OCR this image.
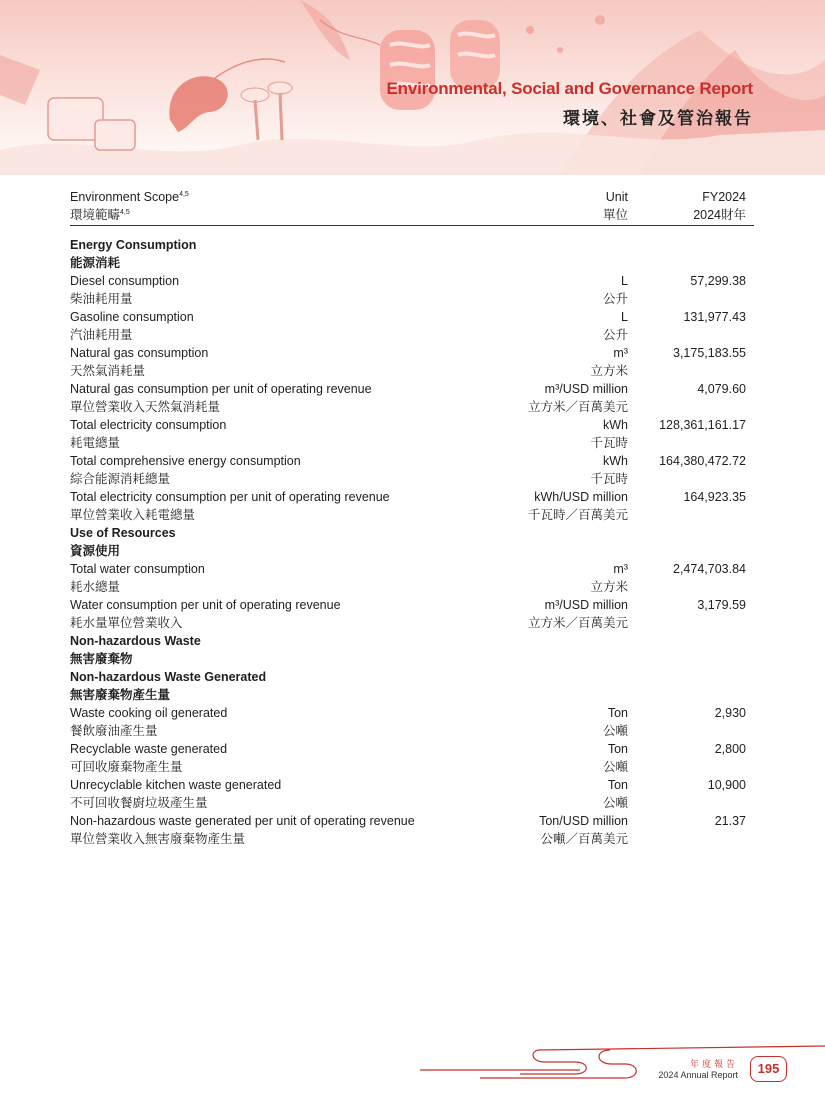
Environmental, Social and Governance Report
環境、社會及管治報告
Environment Scope$^{4,5}$
環境範疇$^{4,5}$
Unit
單位
FY2024
2024財年
Energy Consumption
能源消耗
Diesel consumption
柴油耗用量
L
公升
57,299.38
Gasoline consumption
汽油耗用量
L
公升
131,977.43
Natural gas consumption
天然氣消耗量
m³
立方米
3,175,183.55
Natural gas consumption per unit of operating revenue
單位營業收入天然氣消耗量
m³/USD million
立方米／百萬美元
4,079.60
Total electricity consumption
耗電總量
kWh
千瓦時
128,361,161.17
Total comprehensive energy consumption
綜合能源消耗總量
kWh
千瓦時
164,380,472.72
Total electricity consumption per unit of operating revenue
單位營業收入耗電總量
kWh/USD million
千瓦時／百萬美元
164,923.35
Use of Resources
資源使用
Total water consumption
耗水總量
m³
立方米
2,474,703.84
Water consumption per unit of operating revenue
耗水量單位營業收入
m³/USD million
立方米／百萬美元
3,179.59
Non-hazardous Waste
無害廢棄物
Non-hazardous Waste Generated
無害廢棄物產生量
Waste cooking oil generated
餐飲廢油產生量
Ton
公噸
2,930
Recyclable waste generated
可回收廢棄物產生量
Ton
公噸
2,800
Unrecyclable kitchen waste generated
不可回收餐廚垃圾產生量
Ton
公噸
10,900
Non-hazardous waste generated per unit of operating revenue
單位營業收入無害廢棄物產生量
Ton/USD million
公噸／百萬美元
21.37
年度報告
2024 Annual Report	195
